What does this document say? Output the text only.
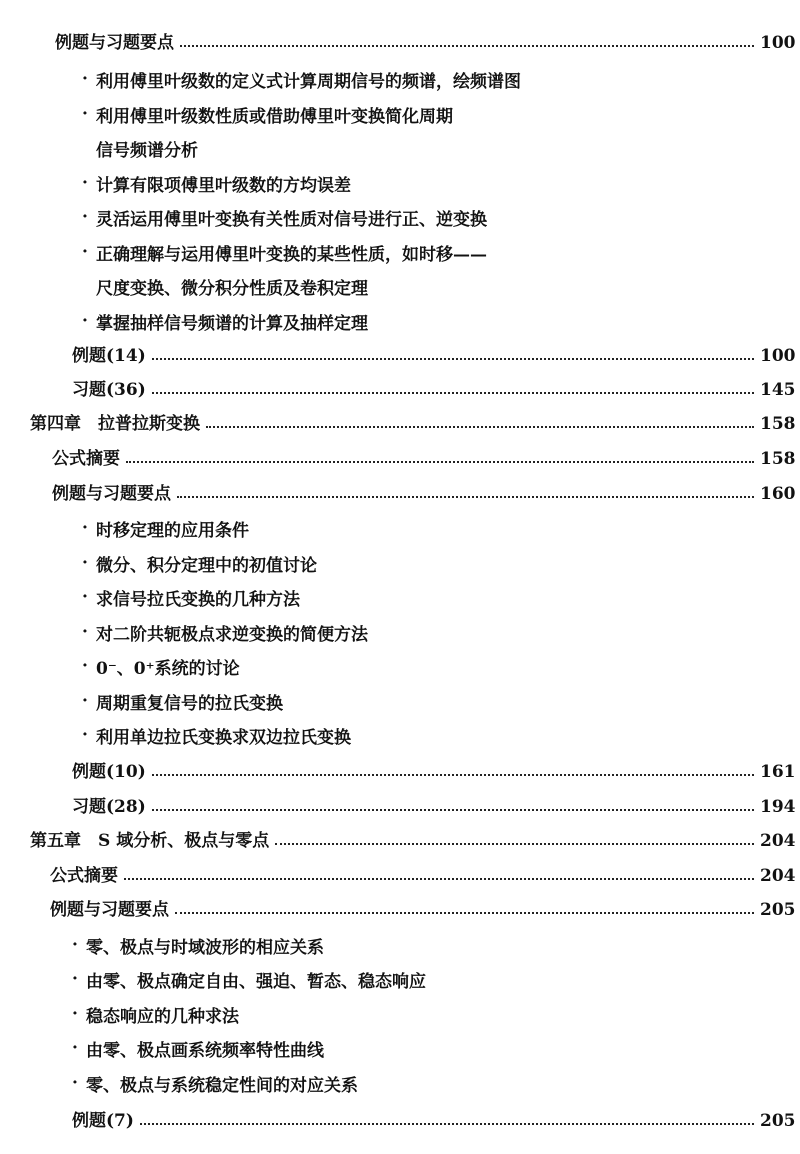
例题与习题要点	100
· 利用傅里叶级数的定义式计算周期信号的频谱，绘频谱图
· 利用傅里叶级数性质或借助傅里叶变换简化周期
信号频谱分析
· 计算有限项傅里叶级数的方均误差
· 灵活运用傅里叶变换有关性质对信号进行正、逆变换
· 正确理解与运用傅里叶变换的某些性质，如时移——
尺度变换、微分积分性质及卷积定理
· 掌握抽样信号频谱的计算及抽样定理
例题(14)	100
习题(36)	145
第四章　拉普拉斯变换	158
公式摘要	158
例题与习题要点	160
· 时移定理的应用条件
· 微分、积分定理中的初值讨论
· 求信号拉氏变换的几种方法
· 对二阶共轭极点求逆变换的简便方法
· 0⁻、0⁺系统的讨论
· 周期重复信号的拉氏变换
· 利用单边拉氏变换求双边拉氏变换
例题(10)	161
习题(28)	194
第五章　S 域分析、极点与零点	204
公式摘要	204
例题与习题要点	205
· 零、极点与时域波形的相应关系
· 由零、极点确定自由、强迫、暂态、稳态响应
· 稳态响应的几种求法
· 由零、极点画系统频率特性曲线
· 零、极点与系统稳定性间的对应关系
例题(7)	205
